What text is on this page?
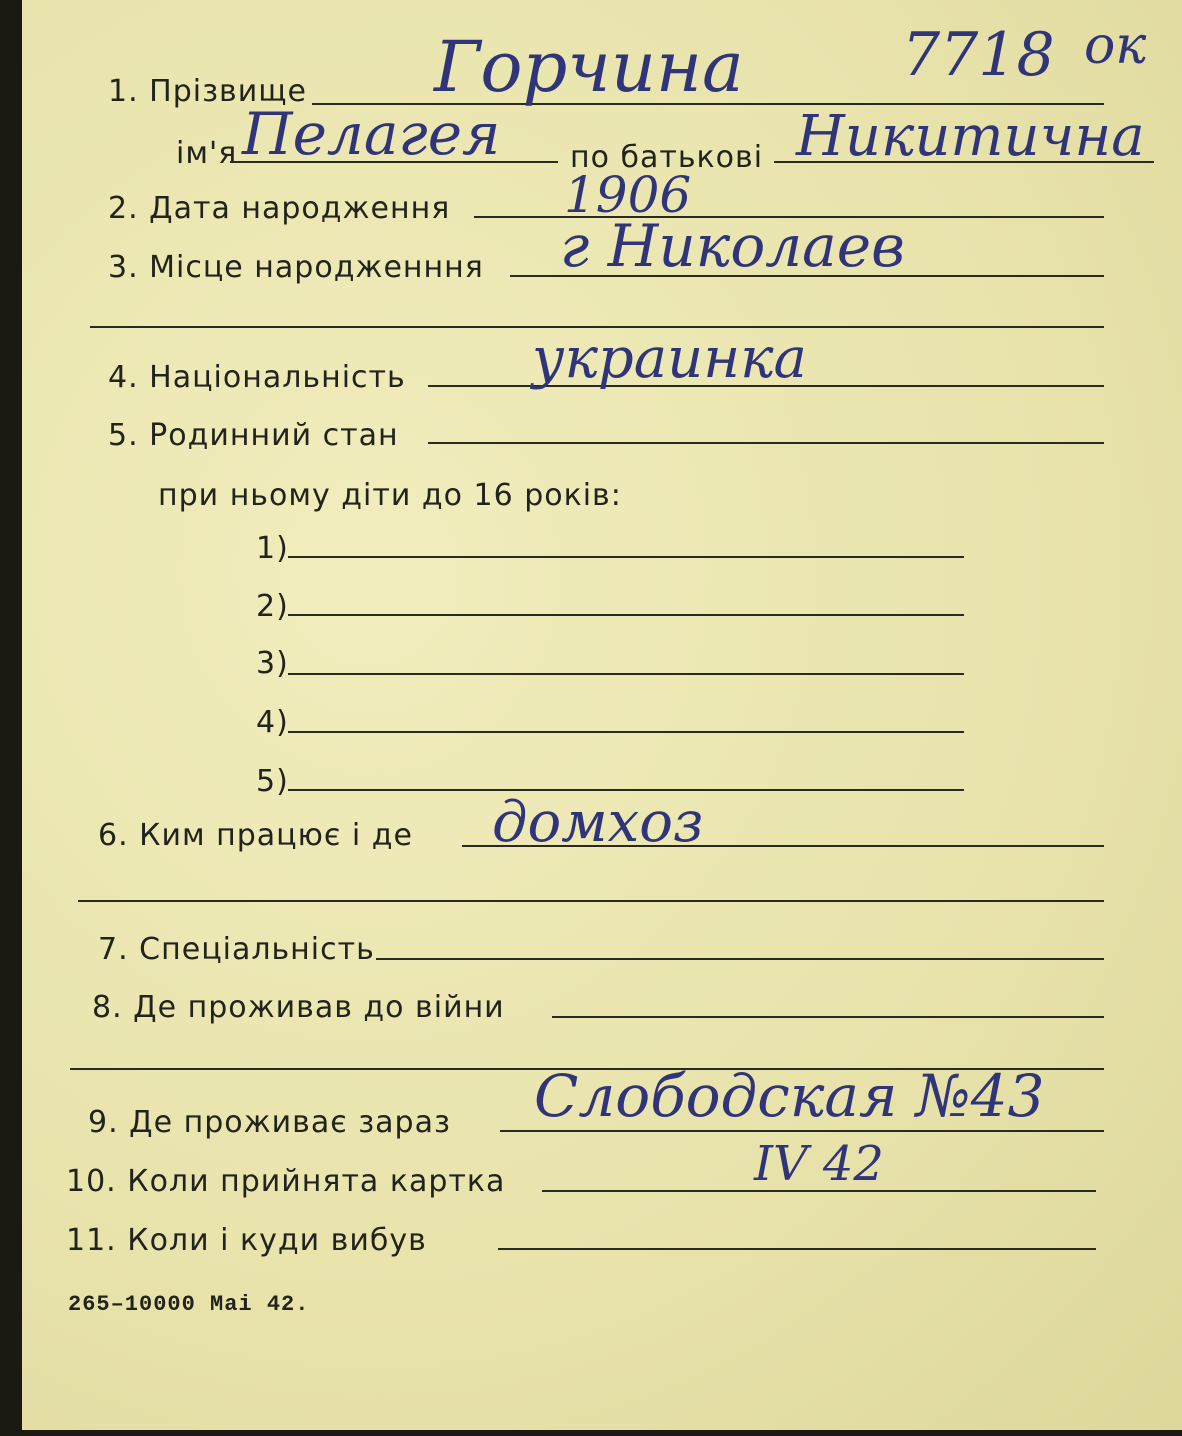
1. Прізвище Горчина	7718 ок
ім'я Пелагея по батькові Никитична
2. Дата народження 1906
3. Місце народженння г Николаев
4. Національність украинка
5. Родинний стан
при ньому діти до 16 років:
1)
2)
3)
4)
5)
6. Ким працює і де домхоз
7. Спеціальність
8. Де проживав до війни
9. Де проживає зараз Слободская №43
10. Коли прийнята картка	IV 42
11. Коли і куди вибув
265–10000 Mai 42.
